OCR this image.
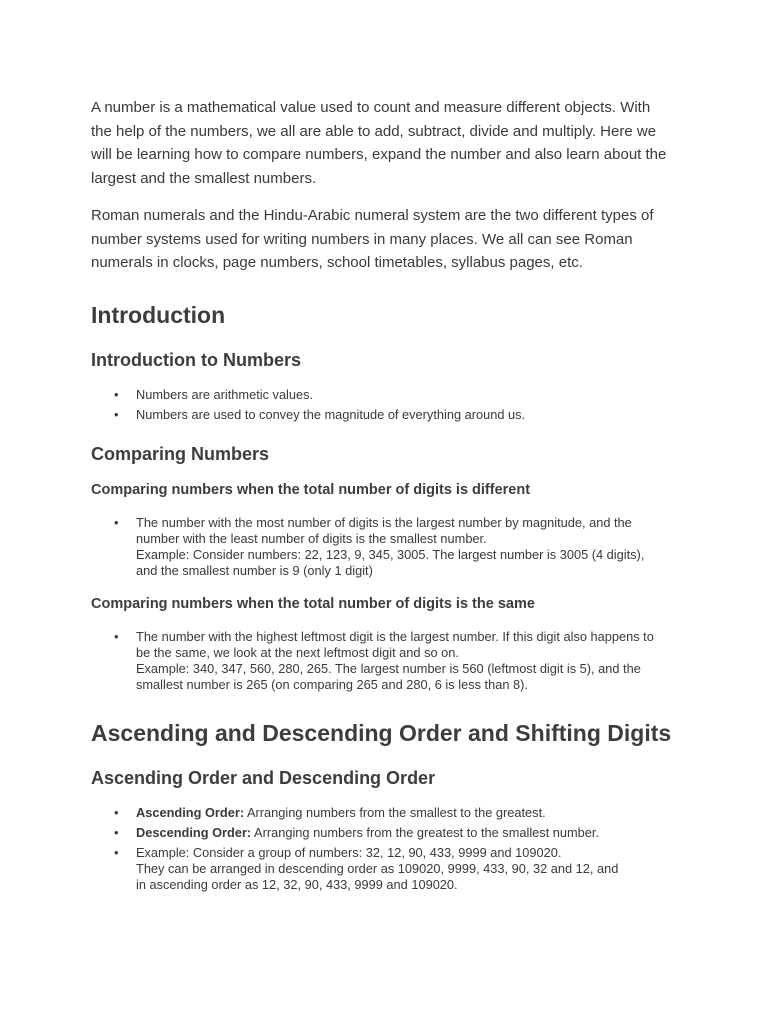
A number is a mathematical value used to count and measure different objects. With
the help of the numbers, we all are able to add, subtract, divide and multiply. Here we
will be learning how to compare numbers, expand the number and also learn about the
largest and the smallest numbers.

Roman numerals and the Hindu-Arabic numeral system are the two different types of
number systems used for writing numbers in many places. We all can see Roman
numerals in clocks, page numbers, school timetables, syllabus pages, etc.

Introduction
Introduction to Numbers
• Numbers are arithmetic values.
• Numbers are used to convey the magnitude of everything around us.
Comparing Numbers
Comparing numbers when the total number of digits is different
• The number with the most number of digits is the largest number by magnitude, and the
number with the least number of digits is the smallest number.
Example: Consider numbers: 22, 123, 9, 345, 3005. The largest number is 3005 (4 digits),
and the smallest number is 9 (only 1 digit)
Comparing numbers when the total number of digits is the same
• The number with the highest leftmost digit is the largest number. If this digit also happens to
be the same, we look at the next leftmost digit and so on.
Example: 340, 347, 560, 280, 265. The largest number is 560 (leftmost digit is 5), and the
smallest number is 265 (on comparing 265 and 280, 6 is less than 8).
Ascending and Descending Order and Shifting Digits
Ascending Order and Descending Order
• Ascending Order: Arranging numbers from the smallest to the greatest.
• Descending Order: Arranging numbers from the greatest to the smallest number.
• Example: Consider a group of numbers: 32, 12, 90, 433, 9999 and 109020.
They can be arranged in descending order as 109020, 9999, 433, 90, 32 and 12, and
in ascending order as 12, 32, 90, 433, 9999 and 109020.
